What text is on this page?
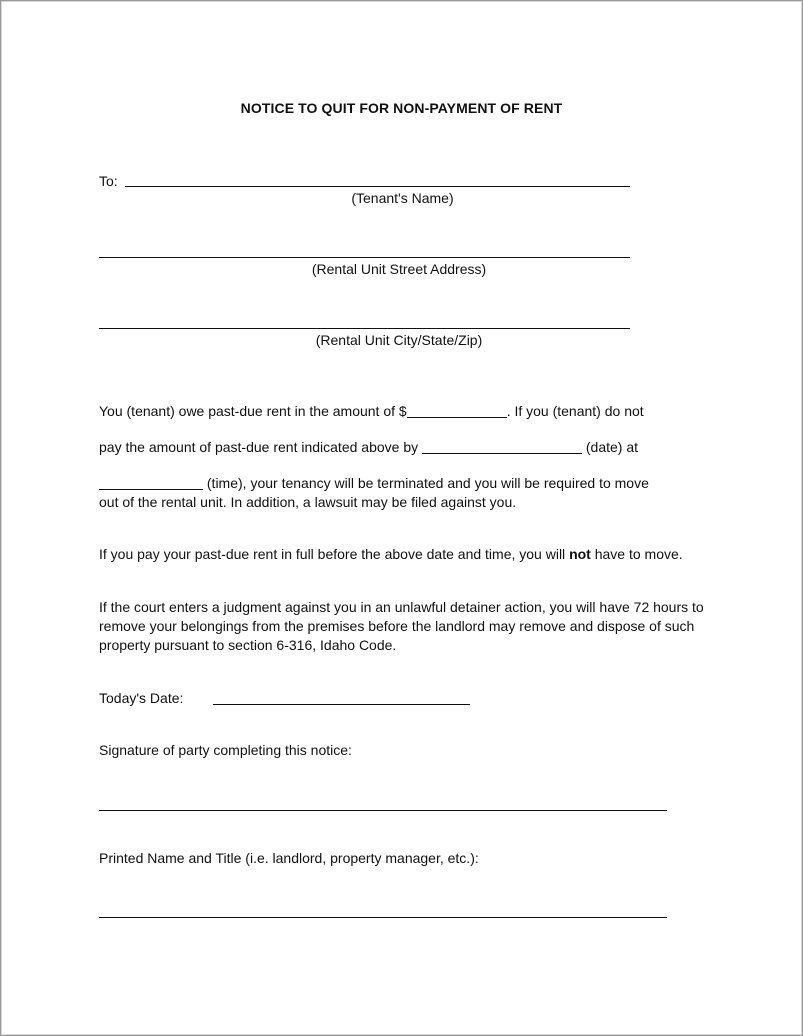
NOTICE TO QUIT FOR NON-PAYMENT OF RENT
To:
(Tenant's Name)
(Rental Unit Street Address)
(Rental Unit City/State/Zip)
You (tenant) owe past-due rent in the amount of $	. If you (tenant) do not
pay the amount of past-due rent indicated above by	(date) at
(time), your tenancy will be terminated and you will be required to move
out of the rental unit. In addition, a lawsuit may be filed against you.
If you pay your past-due rent in full before the above date and time, you will not have to move.
If the court enters a judgment against you in an unlawful detainer action, you will have 72 hours to remove your belongings from the premises before the landlord may remove and dispose of such property pursuant to section 6-316, Idaho Code.
Today's Date:
Signature of party completing this notice:
Printed Name and Title (i.e. landlord, property manager, etc.):
